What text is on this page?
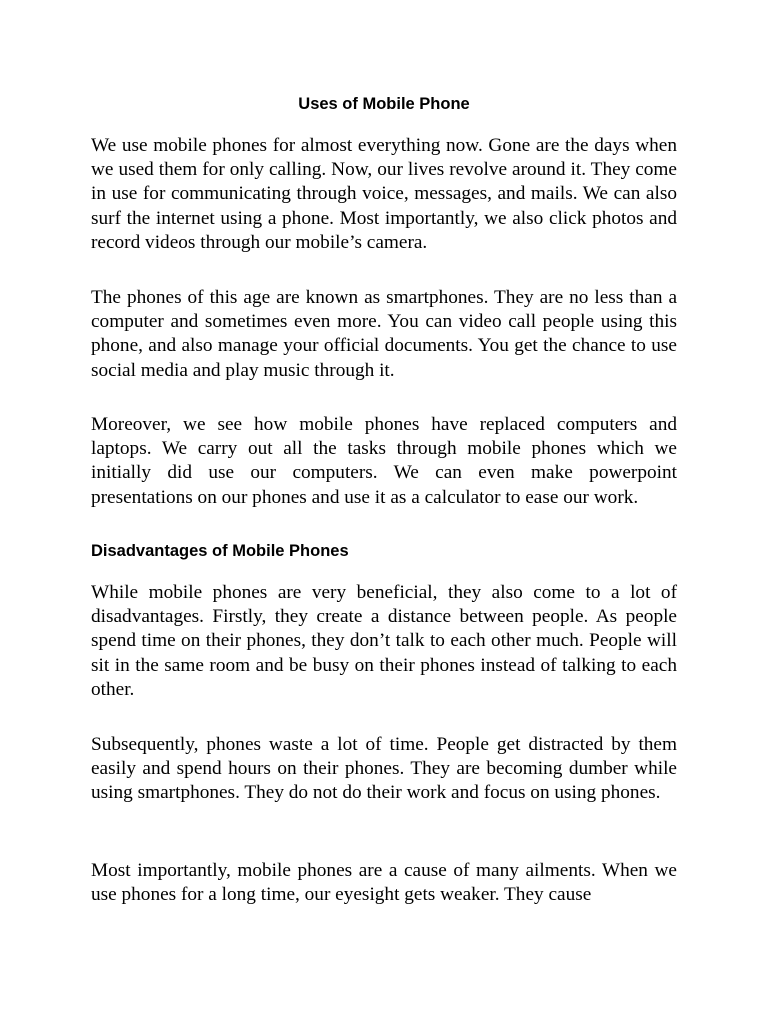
Uses of Mobile Phone

We use mobile phones for almost everything now. Gone are the days when we used them for only calling. Now, our lives revolve around it. They come in use for communicating through voice, messages, and mails. We can also surf the internet using a phone. Most importantly, we also click photos and record videos through our mobile’s camera.

The phones of this age are known as smartphones. They are no less than a computer and sometimes even more. You can video call people using this phone, and also manage your official documents. You get the chance to use social media and play music through it.

Moreover, we see how mobile phones have replaced computers and laptops. We carry out all the tasks through mobile phones which we initially did use our computers. We can even make powerpoint presentations on our phones and use it as a calculator to ease our work.

Disadvantages of Mobile Phones

While mobile phones are very beneficial, they also come to a lot of disadvantages. Firstly, they create a distance between people. As people spend time on their phones, they don’t talk to each other much. People will sit in the same room and be busy on their phones instead of talking to each other.

Subsequently, phones waste a lot of time. People get distracted by them easily and spend hours on their phones. They are becoming dumber while using smartphones. They do not do their work and focus on using phones.

Most importantly, mobile phones are a cause of many ailments. When we use phones for a long time, our eyesight gets weaker. They cause
